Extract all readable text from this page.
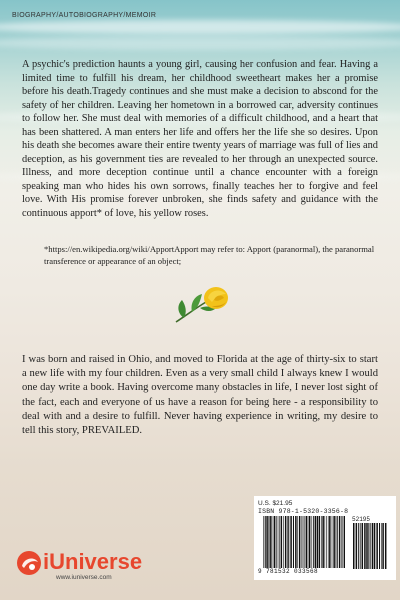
BIOGRAPHY/AUTOBIOGRAPHY/MEMOIR

A psychic's prediction haunts a young girl, causing her confusion and fear. Having a limited time to fulfill his dream, her childhood sweetheart makes her a promise before his death.Tragedy continues and she must make a decision to abscond for the safety of her children. Leaving her hometown in a borrowed car, adversity continues to follow her. She must deal with memories of a difficult childhood, and a heart that has been shattered. A man enters her life and offers her the life she so desires. Upon his death she becomes aware their entire twenty years of marriage was full of lies and deception, as his government ties are revealed to her through an unexpected source. Illness, and more deception continue until a chance encounter with a foreign speaking man who hides his own sorrows, finally teaches her to forgive and feel love. With His promise forever unbroken, she finds safety and guidance with the continuous apport* of love, his yellow roses.

*https://en.wikipedia.org/wiki/ApportApport may refer to: Apport (paranormal), the paranormal transference or appearance of an object;

I was born and raised in Ohio, and moved to Florida at the age of thirty-six to start a new life with my four children. Even as a very small child I always knew I would one day write a book. Having overcome many obstacles in life, I never lost sight of the fact, each and everyone of us have a reason for being here - a responsibility to deal with and a desire to fulfill. Never having experience in writing, my desire to tell this story, PREVAILED.

U.S. $21.95
ISBN 978-1-5320-3356-8
52195
9 781532 033568
iUniverse
www.iuniverse.com
